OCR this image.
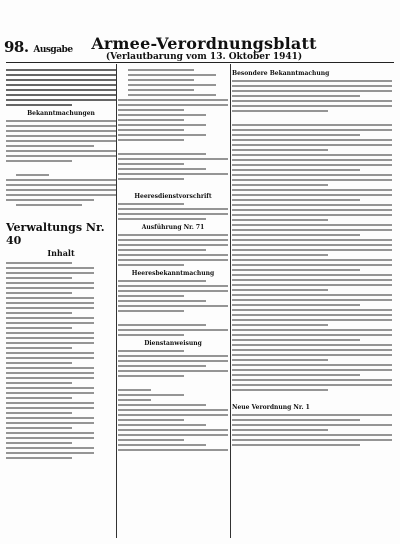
98. Ausgabe	Armee-Verordnungsblatt
(Verlautbarung vom 13. Oktober 1941)
Bekanntmachungen
Verwaltungs Nr. 40
Inhalt
Heeresdienstvorschrift
Ausführung Nr. 71
Heeresbekanntmachung
Dienstanweisung
Besondere Bekanntmachung
Neue Verordnung Nr. 1
